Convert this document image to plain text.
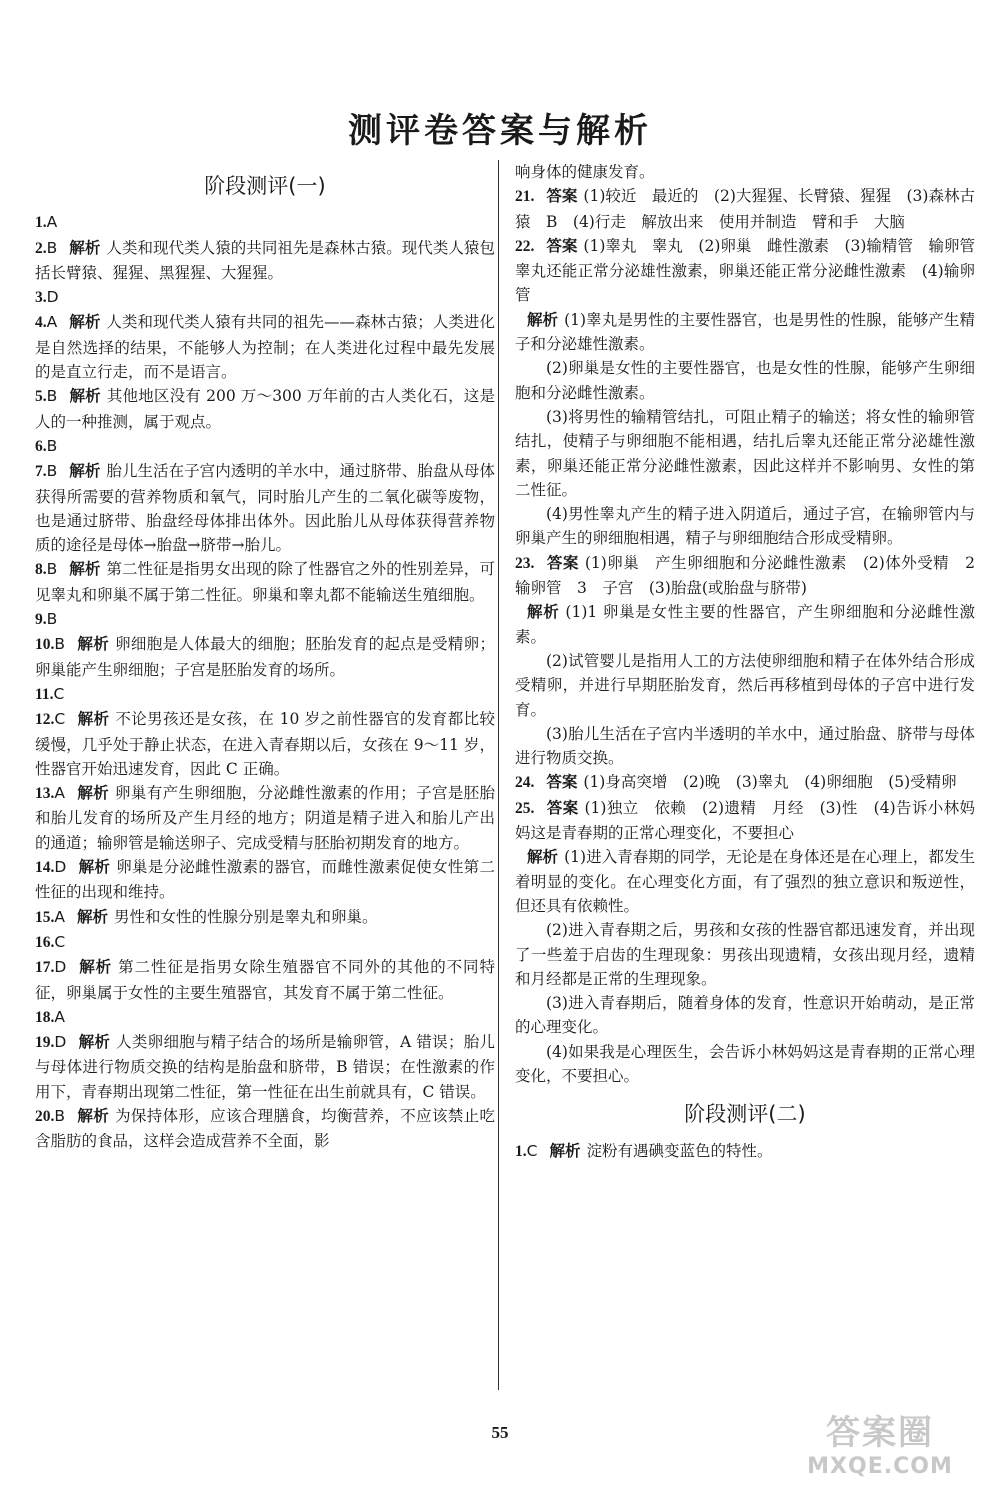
测评卷答案与解析
阶段测评(一)
1.A
2.B 解析 人类和现代类人猿的共同祖先是森林古猿。现代类人猿包括长臂猿、猩猩、黑猩猩、大猩猩。
3.D
4.A 解析 人类和现代类人猿有共同的祖先——森林古猿；人类进化是自然选择的结果，不能够人为控制；在人类进化过程中最先发展的是直立行走，而不是语言。
5.B 解析 其他地区没有 200 万～300 万年前的古人类化石，这是人的一种推测，属于观点。
6.B
7.B 解析 胎儿生活在子宫内透明的羊水中，通过脐带、胎盘从母体获得所需要的营养物质和氧气，同时胎儿产生的二氧化碳等废物，也是通过脐带、胎盘经母体排出体外。因此胎儿从母体获得营养物质的途径是母体→胎盘→脐带→胎儿。
8.B 解析 第二性征是指男女出现的除了性器官之外的性别差异，可见睾丸和卵巢不属于第二性征。卵巢和睾丸都不能输送生殖细胞。
9.B
10.B 解析 卵细胞是人体最大的细胞；胚胎发育的起点是受精卵；卵巢能产生卵细胞；子宫是胚胎发育的场所。
11.C
12.C 解析 不论男孩还是女孩，在 10 岁之前性器官的发育都比较缓慢，几乎处于静止状态，在进入青春期以后，女孩在 9～11 岁，性器官开始迅速发育，因此 C 正确。
13.A 解析 卵巢有产生卵细胞，分泌雌性激素的作用；子宫是胚胎和胎儿发育的场所及产生月经的地方；阴道是精子进入和胎儿产出的通道；输卵管是输送卵子、完成受精与胚胎初期发育的地方。
14.D 解析 卵巢是分泌雌性激素的器官，而雌性激素促使女性第二性征的出现和维持。
15.A 解析 男性和女性的性腺分别是睾丸和卵巢。
16.C
17.D 解析 第二性征是指男女除生殖器官不同外的其他的不同特征，卵巢属于女性的主要生殖器官，其发育不属于第二性征。
18.A
19.D 解析 人类卵细胞与精子结合的场所是输卵管，A 错误；胎儿与母体进行物质交换的结构是胎盘和脐带，B 错误；在性激素的作用下，青春期出现第二性征，第一性征在出生前就具有，C 错误。
20.B 解析 为保持体形，应该合理膳食，均衡营养，不应该禁止吃含脂肪的食品，这样会造成营养不全面，影
响身体的健康发育。
21. 答案 (1)较近　最近的　(2)大猩猩、长臂猿、猩猩　(3)森林古猿　B　(4)行走　解放出来　使用并制造　臂和手　大脑
22. 答案 (1)睾丸　睾丸　(2)卵巢　雌性激素　(3)输精管　输卵管　睾丸还能正常分泌雄性激素，卵巢还能正常分泌雌性激素　(4)输卵管
解析 (1)睾丸是男性的主要性器官，也是男性的性腺，能够产生精子和分泌雄性激素。
(2)卵巢是女性的主要性器官，也是女性的性腺，能够产生卵细胞和分泌雌性激素。
(3)将男性的输精管结扎，可阻止精子的输送；将女性的输卵管结扎，使精子与卵细胞不能相遇，结扎后睾丸还能正常分泌雄性激素，卵巢还能正常分泌雌性激素，因此这样并不影响男、女性的第二性征。
(4)男性睾丸产生的精子进入阴道后，通过子宫，在输卵管内与卵巢产生的卵细胞相遇，精子与卵细胞结合形成受精卵。
23. 答案 (1)卵巢　产生卵细胞和分泌雌性激素　(2)体外受精　2　输卵管　3　子宫　(3)胎盘(或胎盘与脐带)
解析 (1)1 卵巢是女性主要的性器官，产生卵细胞和分泌雌性激素。
(2)试管婴儿是指用人工的方法使卵细胞和精子在体外结合形成受精卵，并进行早期胚胎发育，然后再移植到母体的子宫中进行发育。
(3)胎儿生活在子宫内半透明的羊水中，通过胎盘、脐带与母体进行物质交换。
24. 答案 (1)身高突增　(2)晚　(3)睾丸　(4)卵细胞　(5)受精卵
25. 答案 (1)独立　依赖　(2)遗精　月经　(3)性　(4)告诉小林妈妈这是青春期的正常心理变化，不要担心
解析 (1)进入青春期的同学，无论是在身体还是在心理上，都发生着明显的变化。在心理变化方面，有了强烈的独立意识和叛逆性，但还具有依赖性。
(2)进入青春期之后，男孩和女孩的性器官都迅速发育，并出现了一些羞于启齿的生理现象：男孩出现遗精，女孩出现月经，遗精和月经都是正常的生理现象。
(3)进入青春期后，随着身体的发育，性意识开始萌动，是正常的心理变化。
(4)如果我是心理医生，会告诉小林妈妈这是青春期的正常心理变化，不要担心。
阶段测评(二)
1.C 解析 淀粉有遇碘变蓝色的特性。
55	答案圈
MXQE.COM
